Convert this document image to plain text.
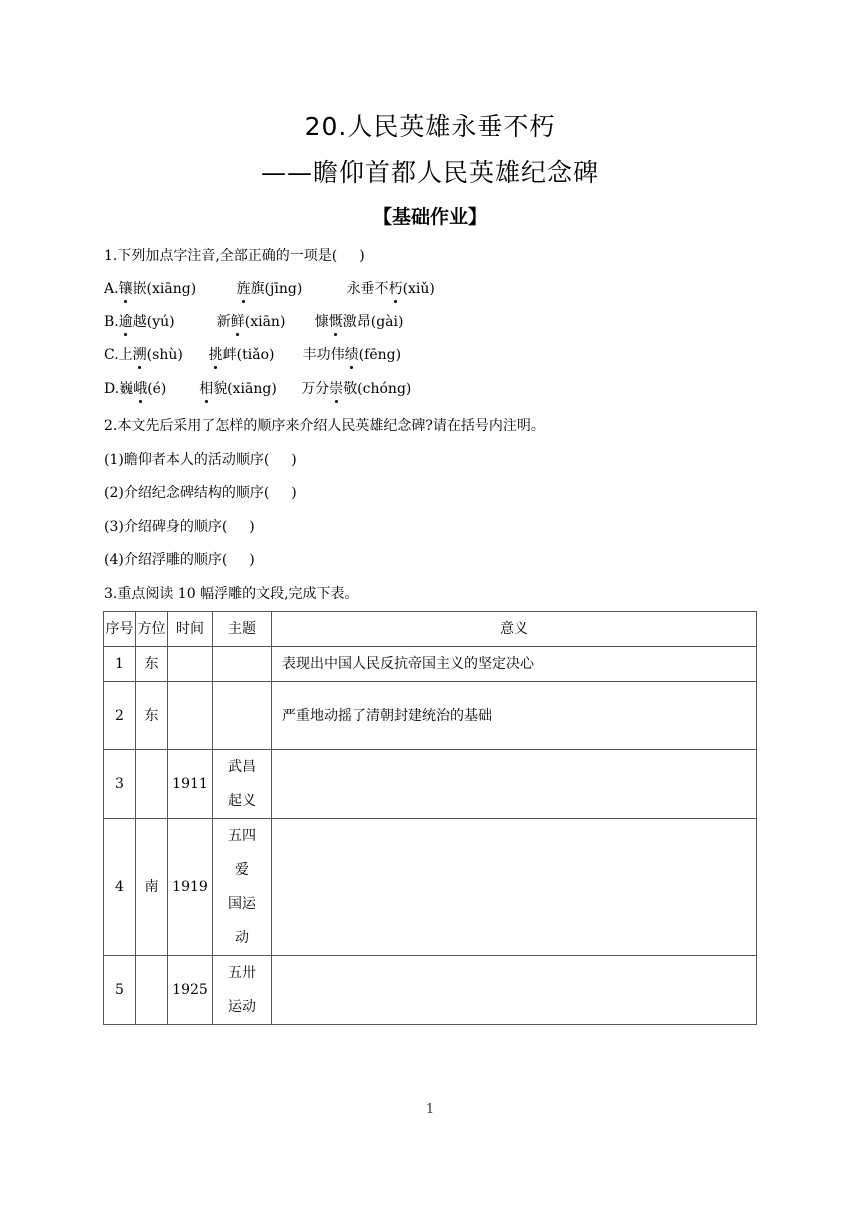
20.人民英雄永垂不朽
——瞻仰首都人民英雄纪念碑
【基础作业】
1.下列加点字注音,全部正确的一项是( )
A.镶嵌(xiāng)	旌旗(jīng)	永垂不朽(xiǔ)
B.逾越(yú)	新鲜(xiān) 慷慨激昂(gài)
C.上溯(shù) 挑衅(tiǎo) 丰功伟绩(fēng)
D.巍峨(é) 相貌(xiāng) 万分崇敬(chóng)
2.本文先后采用了怎样的顺序来介绍人民英雄纪念碑?请在括号内注明。
(1)瞻仰者本人的活动顺序( )
(2)介绍纪念碑结构的顺序( )
(3)介绍碑身的顺序( )
(4)介绍浮雕的顺序( )
3.重点阅读 10 幅浮雕的文段,完成下表。
序号	方位	时间	主题	意义
1	东			表现出中国人民反抗帝国主义的坚定决心
2	东			严重地动摇了清朝封建统治的基础
3		1911	武昌
起义	
4	南	1919	五四
爱
国运
动	
5		1925	五卅
运动	
1
